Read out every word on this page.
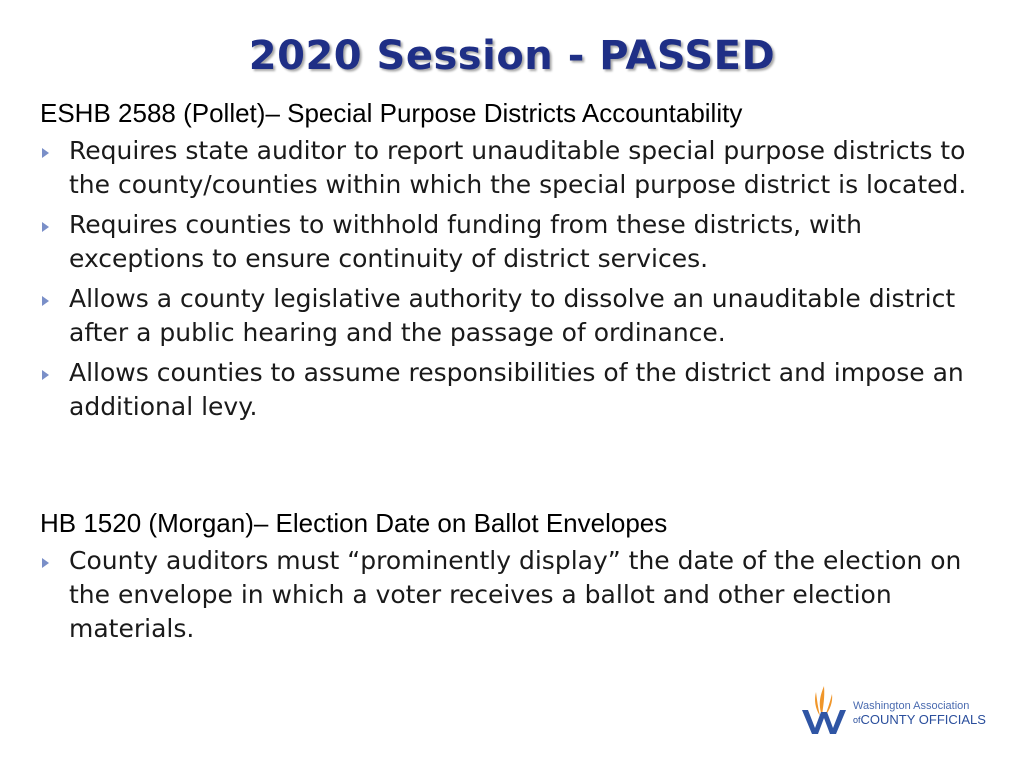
2020 Session - PASSED
ESHB 2588 (Pollet)– Special Purpose Districts Accountability
Requires state auditor to report unauditable special purpose districts to the county/counties within which the special purpose district is located.
Requires counties to withhold funding from these districts, with exceptions to ensure continuity of district services.
Allows a county legislative authority to dissolve an unauditable district after a public hearing and the passage of ordinance.
Allows counties to assume responsibilities of the district and impose an additional levy.
HB 1520 (Morgan)– Election Date on Ballot Envelopes
County auditors must “prominently display” the date of the election on the envelope in which a voter receives a ballot and other election materials.
Washington Association
$^{of}$COUNTY OFFICIALS
